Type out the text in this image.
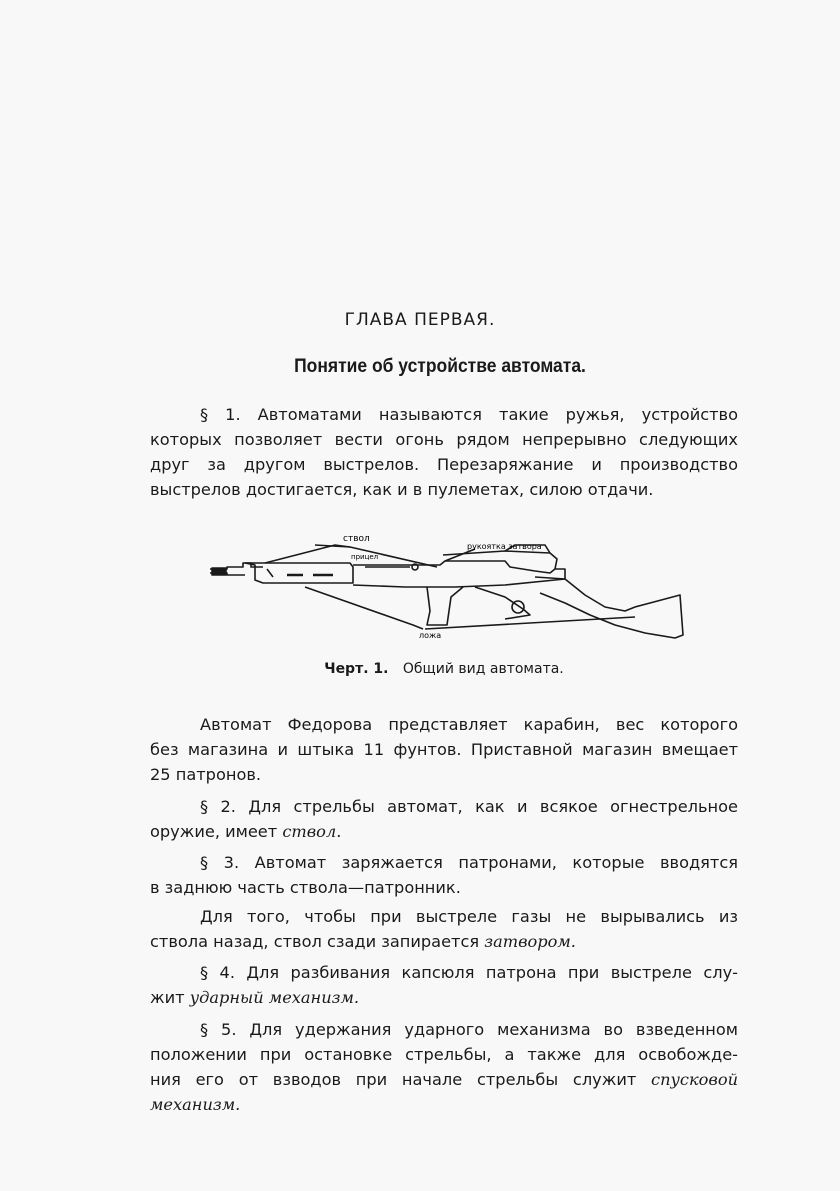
ГЛАВА ПЕРВАЯ.
Понятие об устройстве автомата.
§ 1. Автоматами называются такие ружья, устройство
которых позволяет вести огонь рядом непрерывно следующих
друг за другом выстрелов. Перезаряжание и производство
выстрелов достигается, как и в пулеметах, силою отдачи.
ствол
прицел
рукоятка затвора
ложа
Черт. 1. Общий вид автомата.
Автомат Федорова представляет карабин, вес которого
без магазина и штыка 11 фунтов. Приставной магазин вмещает
25 патронов.
§ 2. Для стрельбы автомат, как и всякое огнестрельное
оружие, имеет ствол.
§ 3. Автомат заряжается патронами, которые вводятся
в заднюю часть ствола—патронник.
Для того, чтобы при выстреле газы не вырывались из
ствола назад, ствол сзади запирается затвором.
§ 4. Для разбивания капсюля патрона при выстреле слу-
жит ударный механизм.
§ 5. Для удержания ударного механизма во взведенном
положении при остановке стрельбы, а также для освобожде-
ния его от взводов при начале стрельбы служит спусковой
механизм.
